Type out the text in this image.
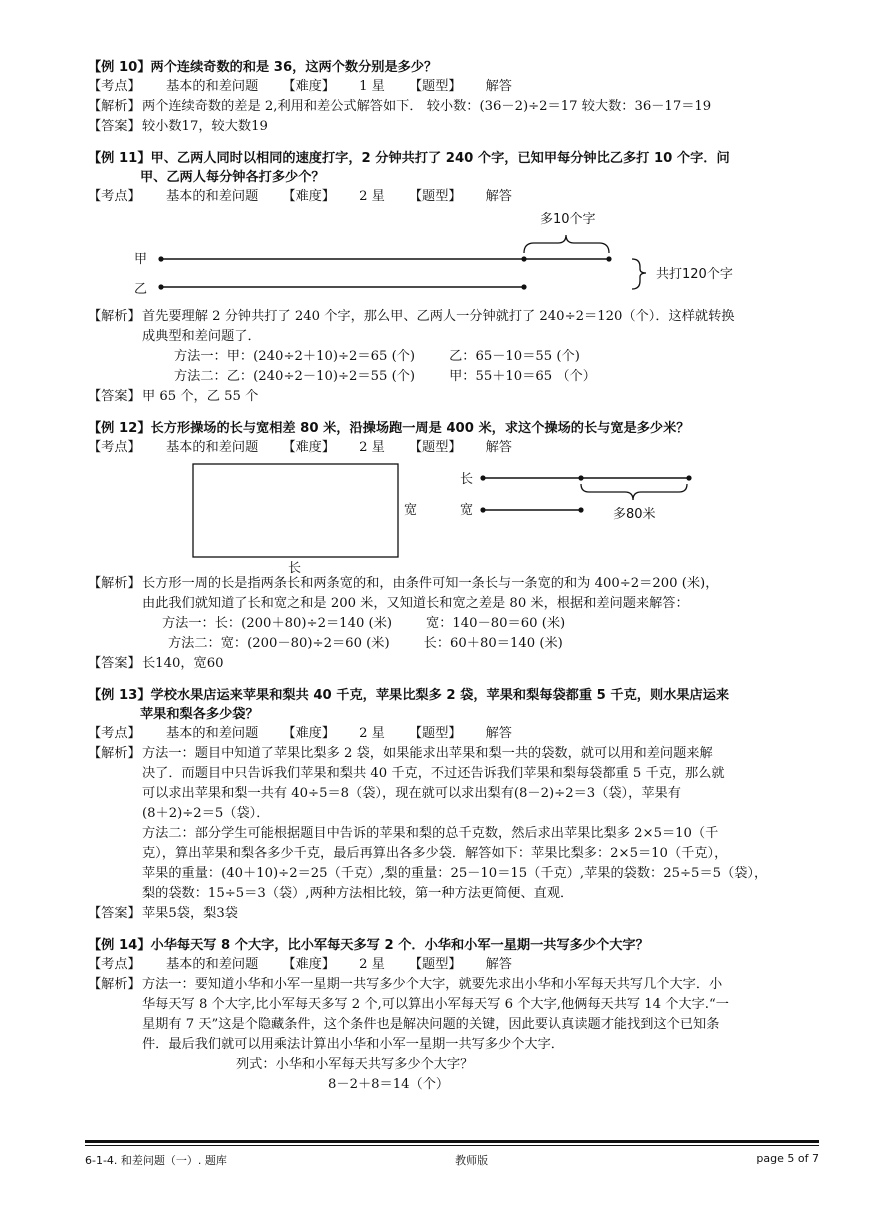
【例 10】两个连续奇数的和是 36，这两个数分别是多少？
【考点】 基本的和差问题 【难度】 1 星 【题型】 解答
【解析】 两个连续奇数的差是 2,利用和差公式解答如下． 较小数：(36－2)÷2＝17 较大数：36－17＝19
【答案】 较小数17，较大数19
【例 11】甲、乙两人同时以相同的速度打字，2 分钟共打了 240 个字，已知甲每分钟比乙多打 10 个字．问
甲、乙两人每分钟各打多少个？
【考点】 基本的和差问题 【难度】 2 星 【题型】 解答
甲
乙
多10个字
共打120个字
【解析】 首先要理解 2 分钟共打了 240 个字，那么甲、乙两人一分钟就打了 240÷2＝120（个）．这样就转换
成典型和差问题了．
方法一：甲：(240÷2＋10)÷2＝65 (个)	乙：65－10＝55 (个)
方法二：乙：(240÷2－10)÷2＝55 (个)	甲：55＋10＝65 （个）
【答案】 甲 65 个，乙 55 个
【例 12】长方形操场的长与宽相差 80 米，沿操场跑一周是 400 米，求这个操场的长与宽是多少米？
【考点】 基本的和差问题 【难度】 2 星 【题型】 解答
宽
长
长
宽	多80米
【解析】 长方形一周的长是指两条长和两条宽的和，由条件可知一条长与一条宽的和为 400÷2＝200 (米)，
由此我们就知道了长和宽之和是 200 米，又知道长和宽之差是 80 米，根据和差问题来解答：
方法一：长：(200＋80)÷2＝140 (米)	宽：140－80＝60 (米)
方法二：宽：(200－80)÷2＝60 (米)	长：60＋80＝140 (米)
【答案】 长140，宽60
【例 13】学校水果店运来苹果和梨共 40 千克，苹果比梨多 2 袋，苹果和梨每袋都重 5 千克，则水果店运来
苹果和梨各多少袋？
【考点】 基本的和差问题 【难度】 2 星 【题型】 解答
【解析】 方法一：题目中知道了苹果比梨多 2 袋，如果能求出苹果和梨一共的袋数，就可以用和差问题来解
决了．而题目中只告诉我们苹果和梨共 40 千克，不过还告诉我们苹果和梨每袋都重 5 千克，那么就
可以求出苹果和梨一共有 40÷5＝8（袋），现在就可以求出梨有(8－2)÷2＝3（袋），苹果有
(8＋2)÷2＝5（袋）．
方法二：部分学生可能根据题目中告诉的苹果和梨的总千克数，然后求出苹果比梨多 2×5＝10（千
克），算出苹果和梨各多少千克，最后再算出各多少袋．解答如下：苹果比梨多：2×5＝10（千克），
苹果的重量：(40＋10)÷2＝25（千克）,梨的重量：25－10＝15（千克）,苹果的袋数：25÷5＝5（袋），
梨的袋数：15÷5＝3（袋）,两种方法相比较，第一种方法更简便、直观．
【答案】 苹果5袋，梨3袋
【例 14】小华每天写 8 个大字，比小军每天多写 2 个．小华和小军一星期一共写多少个大字？
【考点】 基本的和差问题 【难度】 2 星 【题型】 解答
【解析】 方法一：要知道小华和小军一星期一共写多少个大字，就要先求出小华和小军每天共写几个大字．小
华每天写 8 个大字,比小军每天多写 2 个,可以算出小军每天写 6 个大字,他俩每天共写 14 个大字.“一
星期有 7 天”这是个隐藏条件，这个条件也是解决问题的关键，因此要认真读题才能找到这个已知条
件．最后我们就可以用乘法计算出小华和小军一星期一共写多少个大字．
列式：小华和小军每天共写多少个大字？
8－2＋8＝14（个）
6-1-4. 和差问题（一）. 题库	教师版	page 5 of 7
